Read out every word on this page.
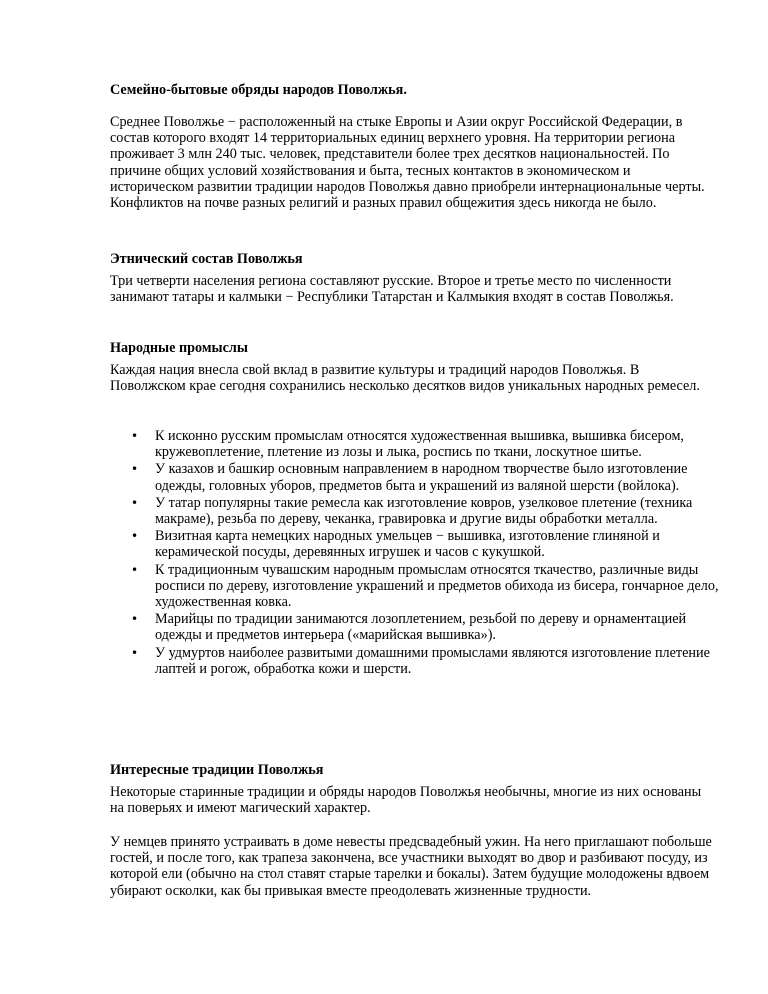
Семейно-бытовые обряды народов Поволжья.

Среднее Поволжье − расположенный на стыке Европы и Азии округ Российской Федерации, в состав которого входят 14 территориальных единиц верхнего уровня. На территории региона проживает 3 млн 240 тыс. человек, представители более трех десятков национальностей. По причине общих условий хозяйствования и быта, тесных контактов в экономическом и историческом развитии традиции народов Поволжья давно приобрели интернациональные черты. Конфликтов на почве разных религий и разных правил общежития здесь никогда не было.

Этнический состав Поволжья

Три четверти населения региона составляют русские. Второе и третье место по численности занимают татары и калмыки − Республики Татарстан и Калмыкия входят в состав Поволжья.

Народные промыслы

Каждая нация внесла свой вклад в развитие культуры и традиций народов Поволжья. В Поволжском крае сегодня сохранились несколько десятков видов уникальных народных ремесел.

• К исконно русским промыслам относятся художественная вышивка, вышивка бисером, кружевоплетение, плетение из лозы и лыка, роспись по ткани, лоскутное шитье.
• У казахов и башкир основным направлением в народном творчестве было изготовление одежды, головных уборов, предметов быта и украшений из валяной шерсти (войлока).
• У татар популярны такие ремесла как изготовление ковров, узелковое плетение (техника макраме), резьба по дереву, чеканка, гравировка и другие виды обработки металла.
• Визитная карта немецких народных умельцев − вышивка, изготовление глиняной и керамической посуды, деревянных игрушек и часов с кукушкой.
• К традиционным чувашским народным промыслам относятся ткачество, различные виды росписи по дереву, изготовление украшений и предметов обихода из бисера, гончарное дело, художественная ковка.
• Марийцы по традиции занимаются лозоплетением, резьбой по дереву и орнаментацией одежды и предметов интерьера («марийская вышивка»).
• У удмуртов наиболее развитыми домашними промыслами являются изготовление плетение лаптей и рогож, обработка кожи и шерсти.

Интересные традиции Поволжья

Некоторые старинные традиции и обряды народов Поволжья необычны, многие из них основаны на поверьях и имеют магический характер.

У немцев принято устраивать в доме невесты предсвадебный ужин. На него приглашают побольше гостей, и после того, как трапеза закончена, все участники выходят во двор и разбивают посуду, из которой ели (обычно на стол ставят старые тарелки и бокалы). Затем будущие молодожены вдвоем убирают осколки, как бы привыкая вместе преодолевать жизненные трудности.
